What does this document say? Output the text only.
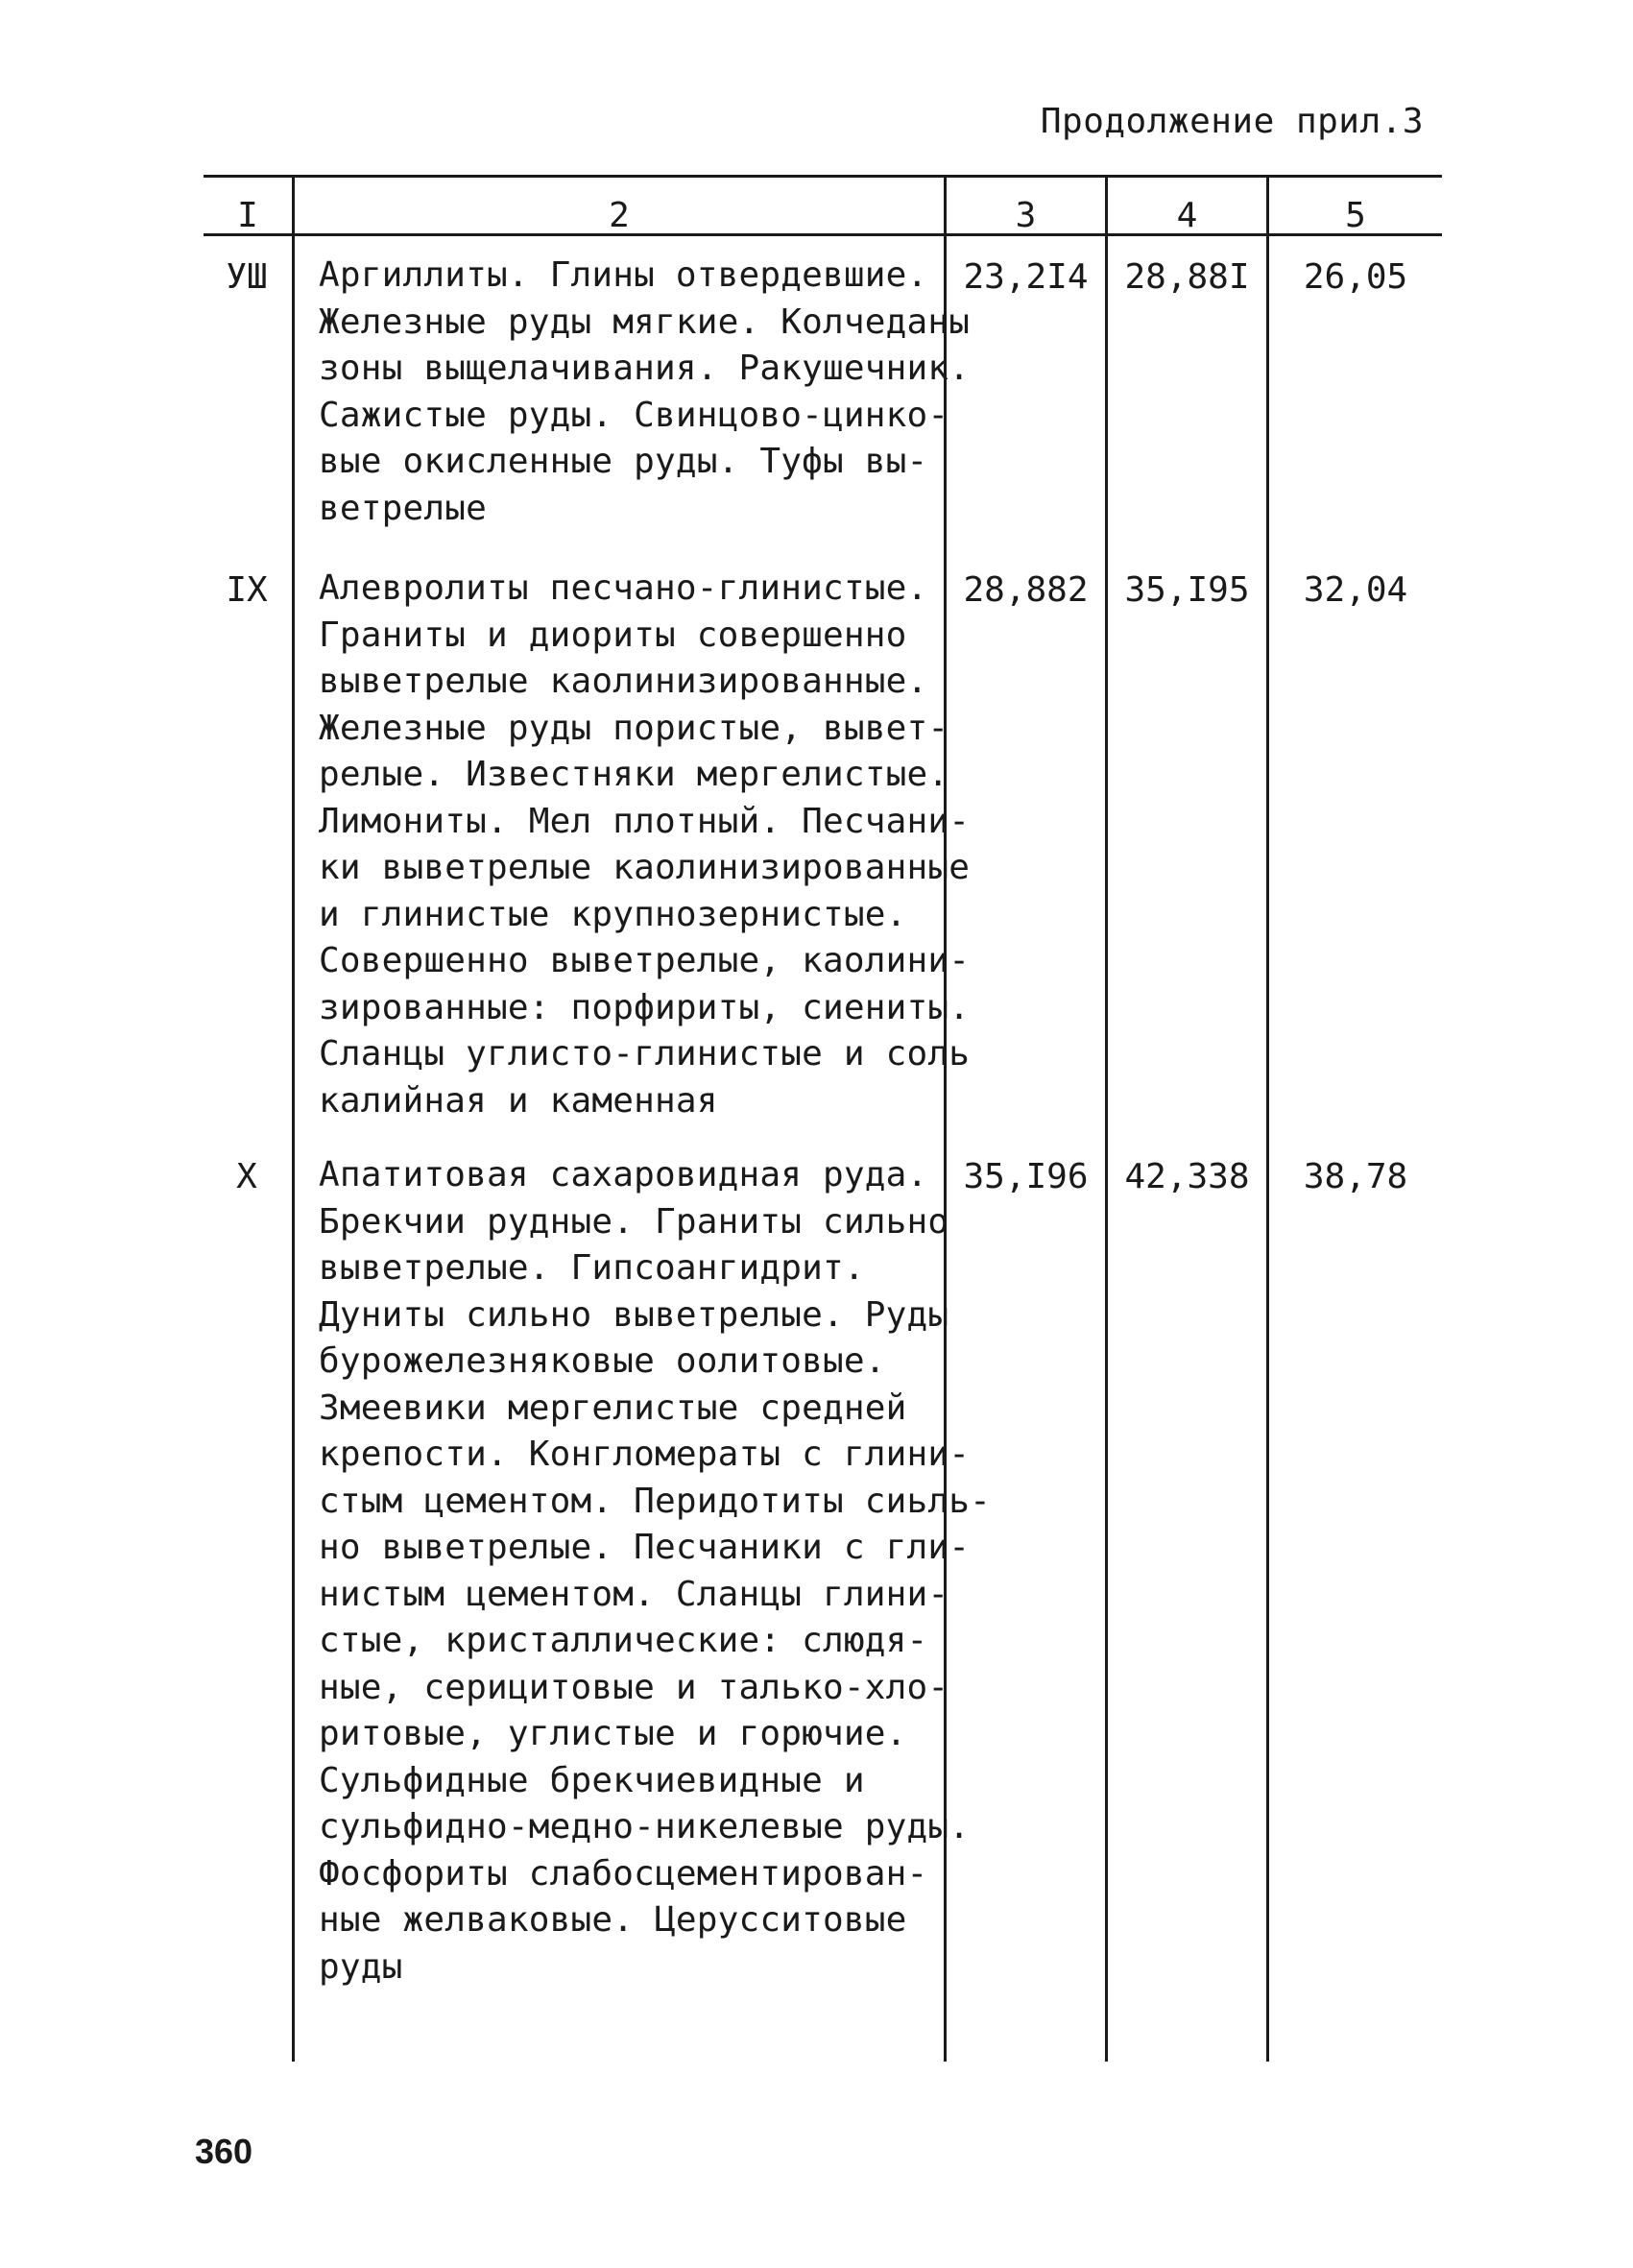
Продолжение прил.3
I	2	3	4	5
УШ	Аргиллиты. Глины отвердевшие.
Железные руды мягкие. Колчеданы
зоны выщелачивания. Ракушечник.
Сажистые руды. Свинцово-цинко-
вые окисленные руды. Туфы вы-
ветрелые
23,2I4	28,88I	26,05
IX	Алевролиты песчано-глинистые.
Граниты и диориты совершенно
выветрелые каолинизированные.
Железные руды пористые, вывет-
релые. Известняки мергелистые.
Лимониты. Мел плотный. Песчани-
ки выветрелые каолинизированные
и глинистые крупнозернистые.
Совершенно выветрелые, каолини-
зированные: порфириты, сиениты.
Сланцы углисто-глинистые и соль
калийная и каменная
28,882	35,I95	32,04
X	Апатитовая сахаровидная руда.
Брекчии рудные. Граниты сильно
выветрелые. Гипсоангидрит.
Дуниты сильно выветрелые. Руды
бурожелезняковые оолитовые.
Змеевики мергелистые средней
крепости. Конгломераты с глини-
стым цементом. Перидотиты сиьль-
но выветрелые. Песчаники с гли-
нистым цементом. Сланцы глини-
стые, кристаллические: слюдя-
ные, серицитовые и талько-хло-
ритовые, углистые и горючие.
Сульфидные брекчиевидные и
сульфидно-медно-никелевые руды.
Фосфориты слабосцементирован-
ные желваковые. Церусситовые
руды
35,I96	42,338	38,78
360
